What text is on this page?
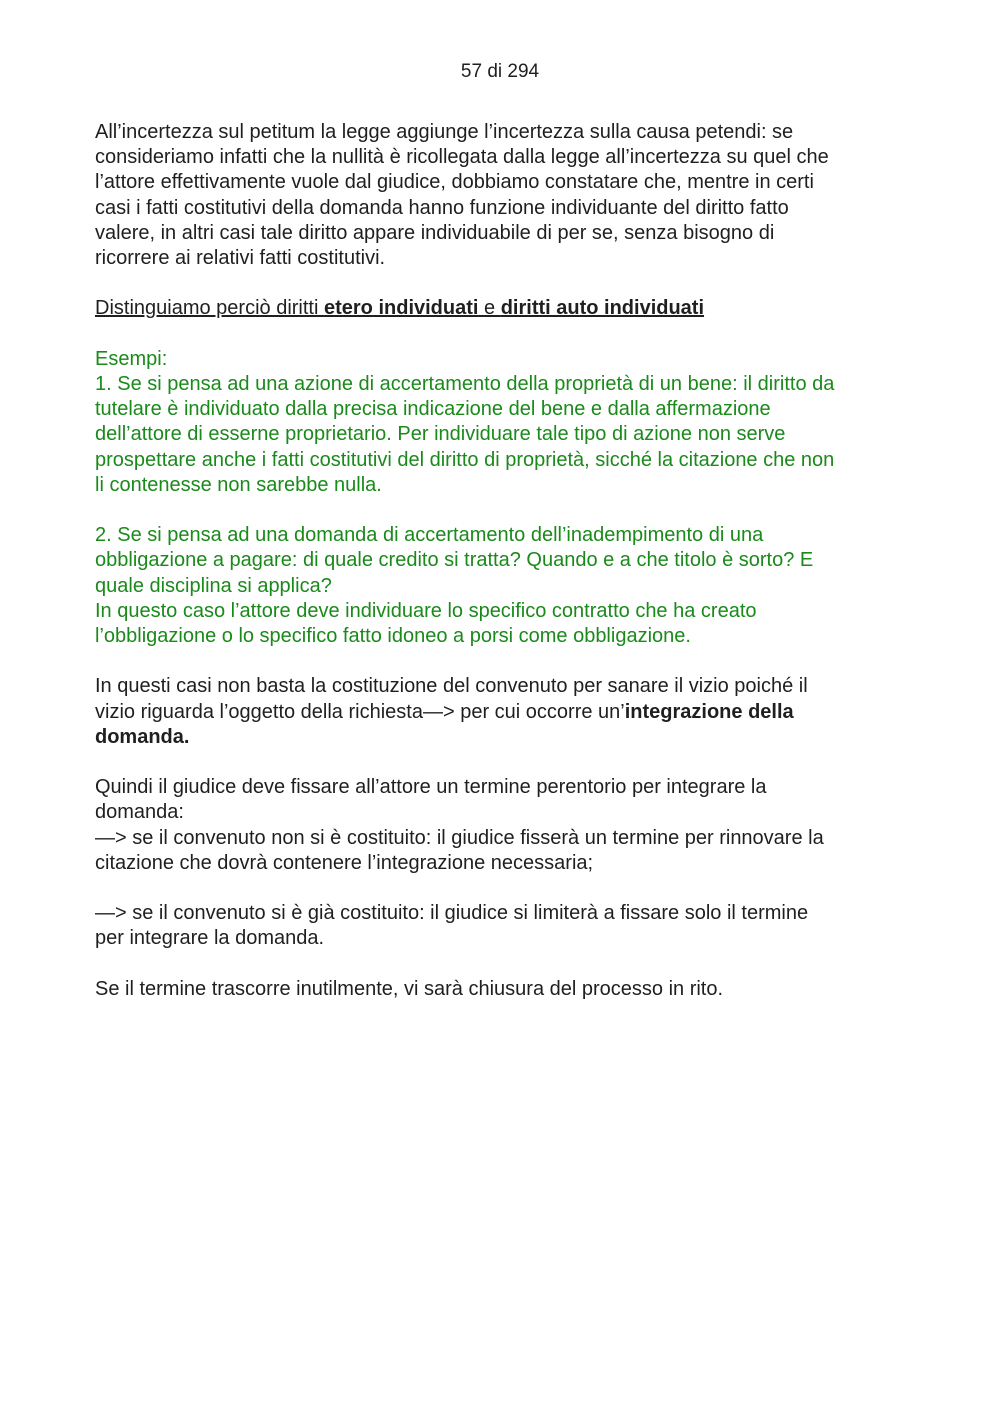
57 di 294

All’incertezza sul petitum la legge aggiunge l’incertezza sulla causa petendi: se
consideriamo infatti che la nullità è ricollegata dalla legge all’incertezza su quel che
l’attore effettivamente vuole dal giudice, dobbiamo constatare che, mentre in certi
casi i fatti costitutivi della domanda hanno funzione individuante del diritto fatto
valere, in altri casi tale diritto appare individuabile di per se, senza bisogno di
ricorrere ai relativi fatti costitutivi.

Distinguiamo perciò diritti etero individuati e diritti auto individuati

Esempi:
1. Se si pensa ad una azione di accertamento della proprietà di un bene: il diritto da
tutelare è individuato dalla precisa indicazione del bene e dalla affermazione
dell’attore di esserne proprietario. Per individuare tale tipo di azione non serve
prospettare anche i fatti costitutivi del diritto di proprietà, sicché la citazione che non
li contenesse non sarebbe nulla.

2. Se si pensa ad una domanda di accertamento dell’inadempimento di una
obbligazione a pagare: di quale credito si tratta? Quando e a che titolo è sorto? E
quale disciplina si applica?
In questo caso l’attore deve individuare lo specifico contratto che ha creato
l’obbligazione o lo specifico fatto idoneo a porsi come obbligazione.

In questi casi non basta la costituzione del convenuto per sanare il vizio poiché il
vizio riguarda l’oggetto della richiesta—> per cui occorre un’integrazione della
domanda.

Quindi il giudice deve fissare all’attore un termine perentorio per integrare la
domanda:
—> se il convenuto non si è costituito: il giudice fisserà un termine per rinnovare la
citazione che dovrà contenere l’integrazione necessaria;

—> se il convenuto si è già costituito: il giudice si limiterà a fissare solo il termine
per integrare la domanda.

Se il termine trascorre inutilmente, vi sarà chiusura del processo in rito.
